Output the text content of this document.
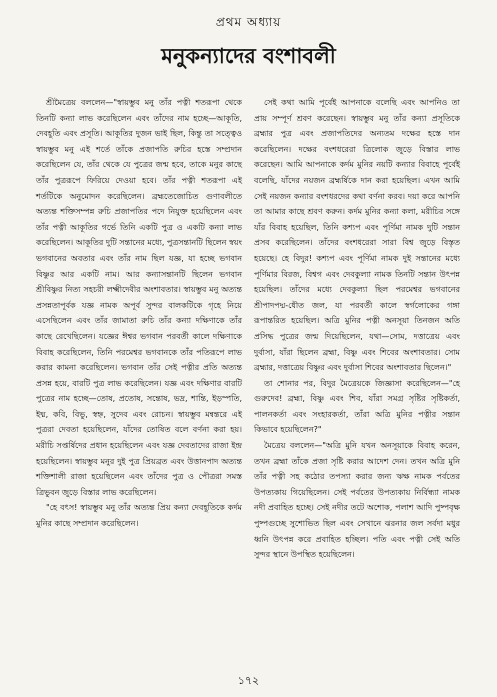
প্রথম অধ্যায়
মনুকন্যাদের বংশাবলী

শ্রীমৈত্রেয় বললেন—"স্বায়ম্ভুব মনু তাঁর পত্নী শতরূপা থেকে তিনটি কন্যা লাভ করেছিলেন এবং তাঁদের নাম হচ্ছে—আকূতি, দেবহূতি এবং প্রসূতি। আকূতির দুজন ভাই ছিল, কিন্তু তা সত্ত্বেও স্বায়ম্ভুব মনু এই শর্তে তাঁকে প্রজাপতি রুচির হস্তে সম্প্রদান করেছিলেন যে, তাঁর থেকে যে পুত্রের জন্ম হবে, তাকে মনুর কাছে তাঁর পুত্ররূপে ফিরিয়ে দেওয়া হবে। তাঁর পত্নী শতরূপা এই শর্তটিকে অনুমোদন করেছিলেন। ব্রহ্মতেজোচিত গুণাবলীতে অত্যন্ত শক্তিসম্পন্ন রুচি প্রজাপতির পদে নিযুক্ত হয়েছিলেন এবং তাঁর পত্নী আকূতির গর্ভে তিনি একটি পুত্র ও একটি কন্যা লাভ করেছিলেন। আকূতির দুটি সন্তানের মধ্যে, পুত্রসন্তানটি ছিলেন স্বয়ং ভগবানের অবতার এবং তাঁর নাম ছিল যজ্ঞ, যা হচ্ছে ভগবান বিষ্ণুর আর একটি নাম। আর কন্যাসন্তানটি ছিলেন ভগবান শ্রীবিষ্ণুর নিত্য সহচরী লক্ষ্মীদেবীর অংশাবতার। স্বায়ম্ভুব মনু অত্যন্ত প্রসন্নতাপূর্বক যজ্ঞ নামক অপূর্ব সুন্দর বালকটিকে গৃহে নিয়ে এসেছিলেন এবং তাঁর জামাতা রুচি তাঁর কন্যা দক্ষিণাকে তাঁর কাছে রেখেছিলেন। যজ্ঞের ঈশ্বর ভগবান পরবর্তী কালে দক্ষিণাকে বিবাহ করেছিলেন, তিনি পরমেশ্বর ভগবানকে তাঁর পতিরূপে লাভ করার কামনা করেছিলেন। ভগবান তাঁর সেই পত্নীর প্রতি অত্যন্ত প্রসন্ন হয়ে, বারটি পুত্র লাভ করেছিলেন। যজ্ঞ এবং দক্ষিণার বারটি পুত্রের নাম হচ্ছে—তোষ, প্রতোষ, সন্তোষ, ভদ্র, শান্তি, ইড়স্পতি, ইধ্ম, কবি, বিভু, স্বহ্ন, সুদেব এবং রোচন। স্বায়ম্ভুব মন্বন্তরে এই পুত্ররা দেবতা হয়েছিলেন, যাঁদের তোষিত বলে বর্ণনা করা হয়। মরীচি সপ্তর্ষিদের প্রধান হয়েছিলেন এবং যজ্ঞ দেবতাদের রাজা ইন্দ্র হয়েছিলেন। স্বায়ম্ভুব মনুর দুই পুত্র প্রিয়ব্রত এবং উত্তানপাদ অত্যন্ত শক্তিশালী রাজা হয়েছিলেন এবং তাঁদের পুত্র ও পৌত্ররা সমস্ত ত্রিভুবন জুড়ে বিস্তার লাভ করেছিলেন।

"হে বৎস! স্বায়ম্ভুব মনু তাঁর অত্যন্ত প্রিয় কন্যা দেবহূতিকে কর্দম মুনির কাছে সম্প্রদান করেছিলেন।

সেই কথা আমি পূর্বেই আপনাকে বলেছি এবং আপনিও তা প্রায় সম্পূর্ণ শ্রবণ করেছেন। স্বায়ম্ভুব মনু তাঁর কন্যা প্রসূতিকে ব্রহ্মার পুত্র এবং প্রজাপতিদের অন্যতম দক্ষের হস্তে দান করেছিলেন। দক্ষের বংশধরেরা ত্রিলোক জুড়ে বিস্তার লাভ করেছেন। আমি আপনাকে কর্দম মুনির নয়টি কন্যার বিবাহে পূর্বেই বলেছি, যাঁদের নয়জন ব্রহ্মর্ষিকে দান করা হয়েছিল। এখন আমি সেই নয়জন কন্যার বংশধরদের কথা বর্ণনা করব। দয়া করে আপনি তা আমার কাছে শ্রবণ করুন। কর্দম মুনির কন্যা কলা, মরীচির সঙ্গে যাঁর বিবাহ হয়েছিল, তিনি কশ্যপ এবং পূর্ণিমা নামক দুটি সন্তান প্রসব করেছিলেন। তাঁদের বংশধরেরা সারা বিশ্ব জুড়ে বিস্তৃত হয়েছে। হে বিদুর! কশ্যপ এবং পূর্ণিমা নামক দুই সন্তানের মধ্যে পূর্ণিমার বিরজ, বিশ্বগ এবং দেবকুল্যা নামক তিনটি সন্তান উৎপন্ন হয়েছিল। তাঁদের মধ্যে দেবকুল্যা ছিল পরমেশ্বর ভগবানের শ্রীপাদপদ্ম-ধৌত জল, যা পরবর্তী কালে স্বর্গলোকের গঙ্গা রূপান্তরিত হয়েছিল। অত্রি মুনির পত্নী অনসূয়া তিনজন অতি প্রসিদ্ধ পুত্রের জন্ম দিয়েছিলেন, যথা—সোম, দত্তাত্রেয় এবং দুর্বাসা, যাঁরা ছিলেন ব্রহ্মা, বিষ্ণু এবং শিবের অংশাবতার। সোম ব্রহ্মার, দত্তাত্রেয় বিষ্ণুর এবং দুর্বাসা শিবের অংশাবতার ছিলেন।"

তা শোনার পর, বিদুর মৈত্রেয়কে জিজ্ঞাসা করেছিলেন—"হে গুরুদেব! ব্রহ্মা, বিষ্ণু এবং শিব, যাঁরা সমগ্র সৃষ্টির সৃষ্টিকর্তা, পালনকর্তা এবং সংহারকর্তা, তাঁরা অত্রি মুনির পত্নীর সন্তান কিভাবে হয়েছিলেন?"

মৈত্রেয় বললেন—"অত্রি মুনি যখন অনসূয়াকে বিবাহ করেন, তখন ব্রহ্মা তাঁকে প্রজা সৃষ্টি করার আদেশ দেন। তখন অত্রি মুনি তাঁর পত্নী সহ কঠোর তপস্যা করার জন্য ঋক্ষ নামক পর্বতের উপত্যকায় গিয়েছিলেন। সেই পর্বতের উপত্যকায় নির্বিন্ধ্যা নামক নদী প্রবাহিত হচ্ছে। সেই নদীর তটে অশোক, পলাশ আদি পুষ্পবৃক্ষ পুষ্পগুচ্ছে সুশোভিত ছিল এবং সেখানে ঝরনার জল সর্বদা মধুর ধ্বনি উৎপন্ন করে প্রবাহিত হচ্ছিল। পতি এবং পত্নী সেই অতি সুন্দর স্থানে উপস্থিত হয়েছিলেন।

১৭২
